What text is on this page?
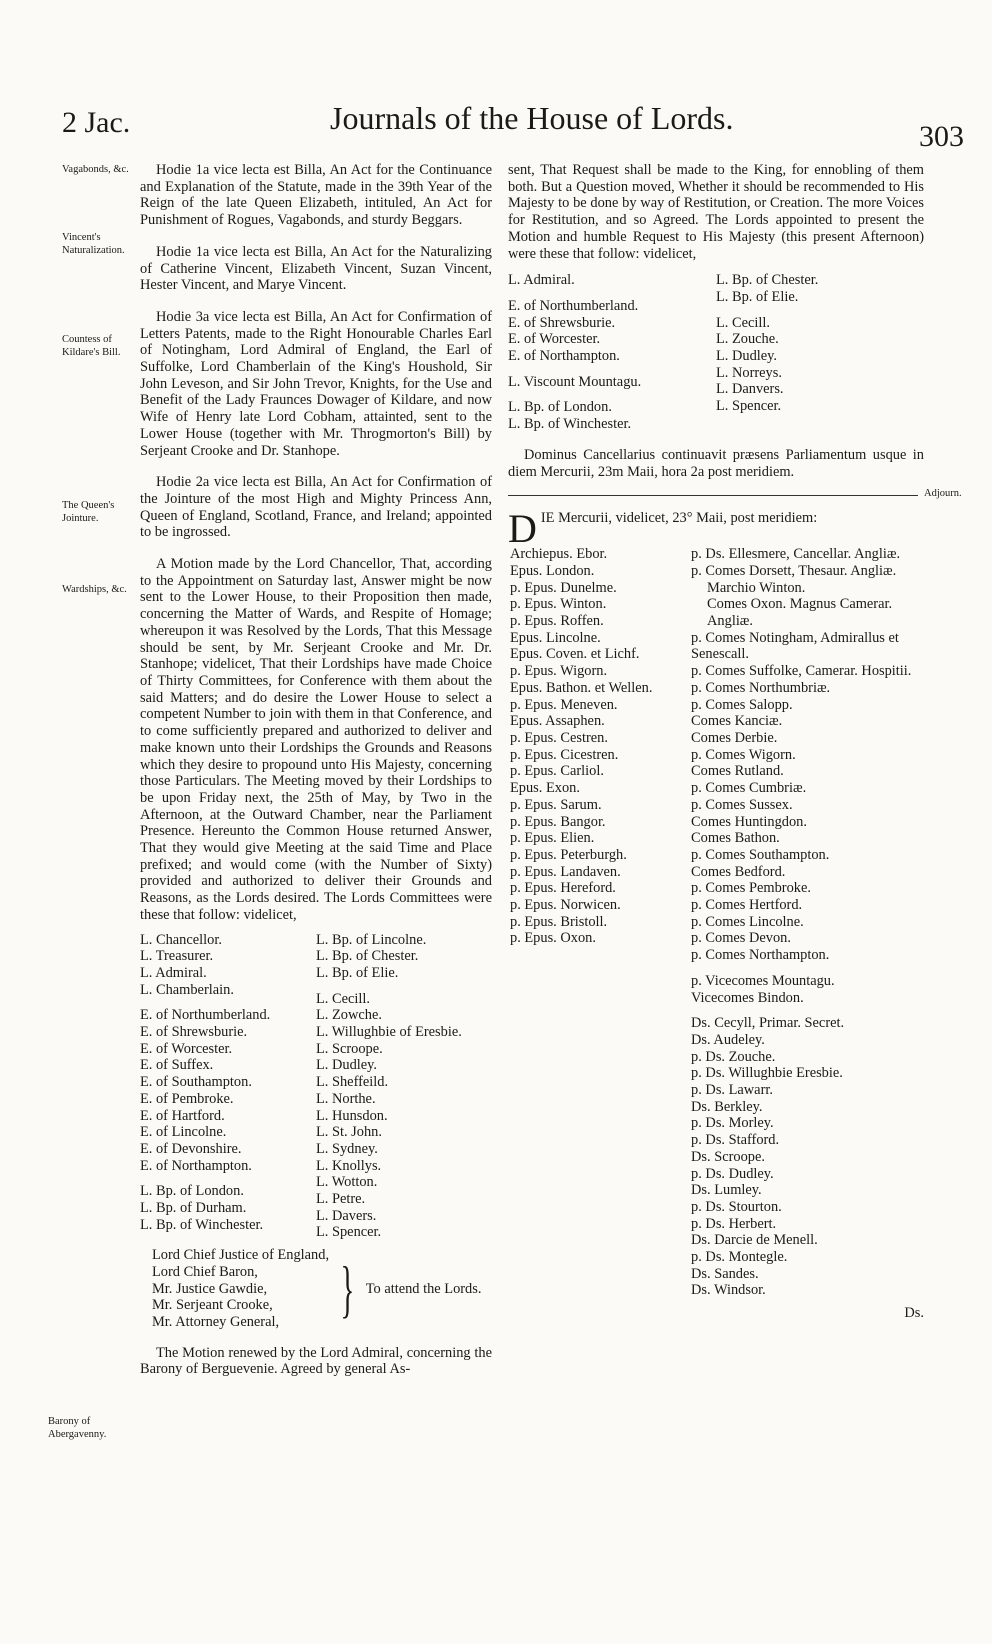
2 Jac.	Journals of the House of Lords.
303
Vagabonds, &c.
Vincent's Naturalization.
Countess of Kildare's Bill.
The Queen's Jointure.
Wardships, &c.
Barony of Abergavenny.
Adjourn.

Hodie 1a vice lecta est Billa, An Act for the Continuance and Explanation of the Statute, made in the 39th Year of the Reign of the late Queen Elizabeth, intituled, An Act for Punishment of Rogues, Vagabonds, and sturdy Beggars.

Hodie 1a vice lecta est Billa, An Act for the Naturalizing of Catherine Vincent, Elizabeth Vincent, Suzan Vincent, Hester Vincent, and Marye Vincent.

Hodie 3a vice lecta est Billa, An Act for Confirmation of Letters Patents, made to the Right Honourable Charles Earl of Notingham, Lord Admiral of England, the Earl of Suffolke, Lord Chamberlain of the King's Houshold, Sir John Leveson, and Sir John Trevor, Knights, for the Use and Benefit of the Lady Fraunces Dowager of Kildare, and now Wife of Henry late Lord Cobham, attainted, sent to the Lower House (together with Mr. Throgmorton's Bill) by Serjeant Crooke and Dr. Stanhope.

Hodie 2a vice lecta est Billa, An Act for Confirmation of the Jointure of the most High and Mighty Princess Ann, Queen of England, Scotland, France, and Ireland; appointed to be ingrossed.

A Motion made by the Lord Chancellor, That, according to the Appointment on Saturday last, Answer might be now sent to the Lower House, to their Proposition then made, concerning the Matter of Wards, and Respite of Homage; whereupon it was Resolved by the Lords, That this Message should be sent, by Mr. Serjeant Crooke and Mr. Dr. Stanhope; videlicet, That their Lordships have made Choice of Thirty Committees, for Conference with them about the said Matters; and do desire the Lower House to select a competent Number to join with them in that Conference, and to come sufficiently prepared and authorized to deliver and make known unto their Lordships the Grounds and Reasons which they desire to propound unto His Majesty, concerning those Particulars. The Meeting moved by their Lordships to be upon Friday next, the 25th of May, by Two in the Afternoon, at the Outward Chamber, near the Parliament Presence. Hereunto the Common House returned Answer, That they would give Meeting at the said Time and Place prefixed; and would come (with the Number of Sixty) provided and authorized to deliver their Grounds and Reasons, as the Lords desired. The Lords Committees were these that follow: videlicet,

L. Chancellor.
L. Treasurer.
L. Admiral.
L. Chamberlain.
E. of Northumberland.
E. of Shrewsburie.
E. of Worcester.
E. of Suffex.
E. of Southampton.
E. of Pembroke.
E. of Hartford.
E. of Lincolne.
E. of Devonshire.
E. of Northampton.
L. Bp. of London.
L. Bp. of Durham.
L. Bp. of Winchester.
L. Bp. of Lincolne.
L. Bp. of Chester.
L. Bp. of Elie.
L. Cecill.
L. Zowche.
L. Willughbie of Eresbie.
L. Scroope.
L. Dudley.
L. Sheffeild.
L. Northe.
L. Hunsdon.
L. St. John.
L. Sydney.
L. Knollys.
L. Wotton.
L. Petre.
L. Davers.
L. Spencer.
Lord Chief Justice of England,
Lord Chief Baron,
Mr. Justice Gawdie,
Mr. Serjeant Crooke,
Mr. Attorney General, } To attend the Lords.

The Motion renewed by the Lord Admiral, concerning the Barony of Berguevenie. Agreed by general As-

sent, That Request shall be made to the King, for ennobling of them both. But a Question moved, Whether it should be recommended to His Majesty to be done by way of Restitution, or Creation. The more Voices for Restitution, and so Agreed. The Lords appointed to present the Motion and humble Request to His Majesty (this present Afternoon) were these that follow: videlicet,

L. Admiral.
E. of Northumberland.
E. of Shrewsburie.
E. of Worcester.
E. of Northampton.
L. Viscount Mountagu.
L. Bp. of London.
L. Bp. of Winchester.
L. Bp. of Chester.
L. Bp. of Elie.
L. Cecill.
L. Zouche.
L. Dudley.
L. Norreys.
L. Danvers.
L. Spencer.

Dominus Cancellarius continuavit præsens Parliamentum usque in diem Mercurii, 23m Maii, hora 2a post meridiem.

D IE Mercurii, videlicet, 23° Maii, post meridiem:
Archiepus. Ebor.
Epus. London.
p. Epus. Dunelme.
p. Epus. Winton.
p. Epus. Roffen.
Epus. Lincolne.
Epus. Coven. et Lichf.
p. Epus. Wigorn.
Epus. Bathon. et Wellen.
p. Epus. Meneven.
Epus. Assaphen.
p. Epus. Cestren.
p. Epus. Cicestren.
p. Epus. Carliol.
Epus. Exon.
p. Epus. Sarum.
p. Epus. Bangor.
p. Epus. Elien.
p. Epus. Peterburgh.
p. Epus. Landaven.
p. Epus. Hereford.
p. Epus. Norwicen.
p. Epus. Bristoll.
p. Epus. Oxon.
p. Ds. Ellesmere, Cancellar. Angliæ.
p. Comes Dorsett, Thesaur. Angliæ.
Marchio Winton.
Comes Oxon. Magnus Camerar. Angliæ.
p. Comes Notingham, Admirallus et Senescall.
p. Comes Suffolke, Camerar. Hospitii.
p. Comes Northumbriæ.
p. Comes Salopp.
Comes Kanciæ.
Comes Derbie.
p. Comes Wigorn.
Comes Rutland.
p. Comes Cumbriæ.
p. Comes Sussex.
Comes Huntingdon.
Comes Bathon.
p. Comes Southampton.
Comes Bedford.
p. Comes Pembroke.
p. Comes Hertford.
p. Comes Lincolne.
p. Comes Devon.
p. Comes Northampton.
p. Vicecomes Mountagu.
Vicecomes Bindon.
Ds. Cecyll, Primar. Secret.
Ds. Audeley.
p. Ds. Zouche.
p. Ds. Willughbie Eresbie.
p. Ds. Lawarr.
Ds. Berkley.
p. Ds. Morley.
p. Ds. Stafford.
Ds. Scroope.
p. Ds. Dudley.
Ds. Lumley.
p. Ds. Stourton.
p. Ds. Herbert.
Ds. Darcie de Menell.
p. Ds. Montegle.
Ds. Sandes.
Ds. Windsor.
Ds.
